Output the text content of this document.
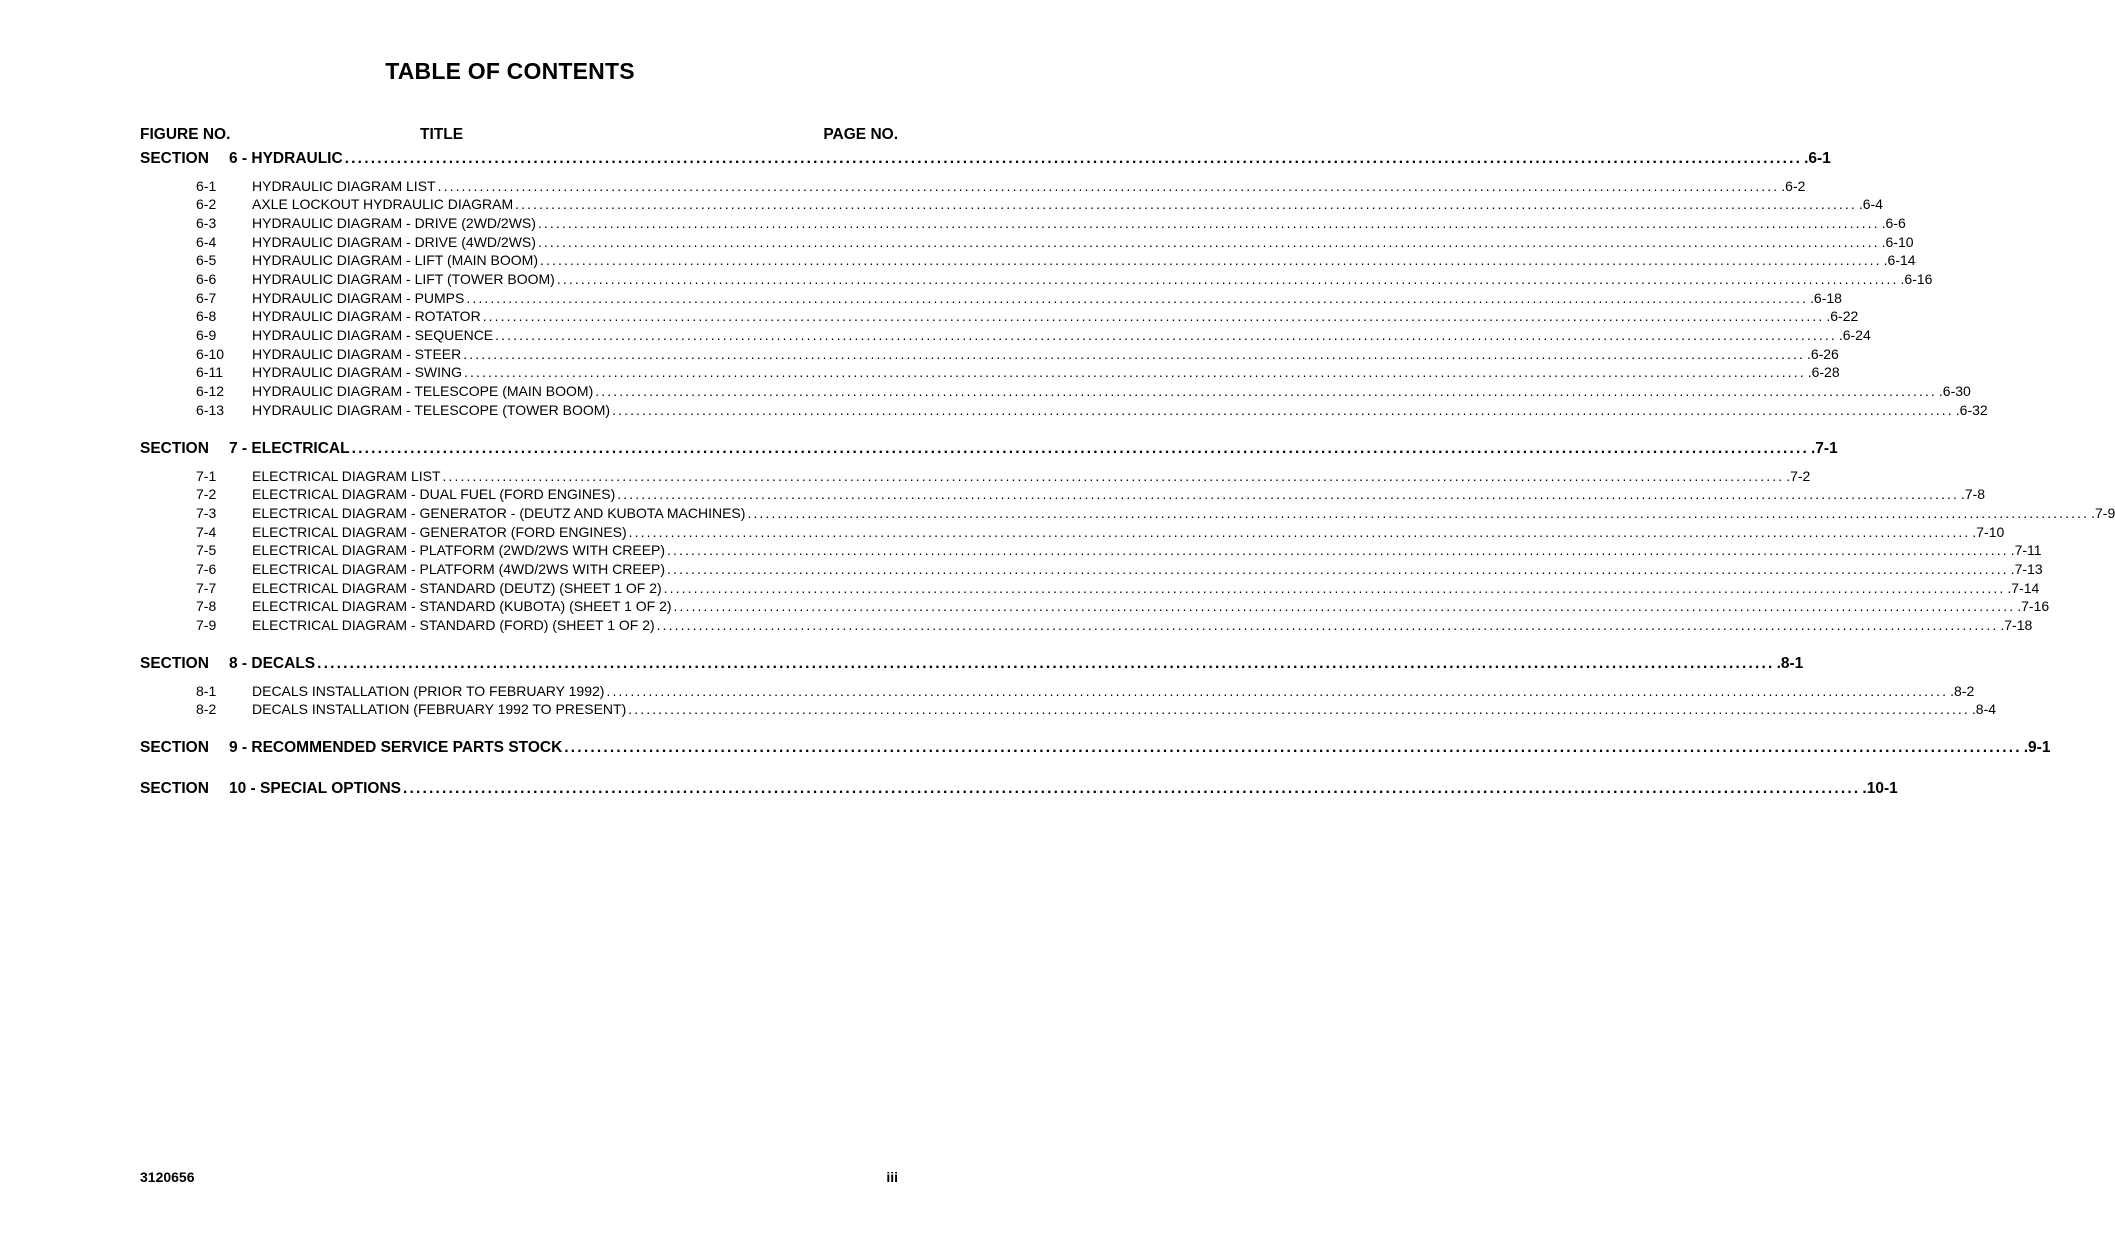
TABLE OF CONTENTS
FIGURE NO.	TITLE	PAGE NO.
SECTION	6 - HYDRAULIC ................................................................................................................................................................................................................................ .6-1
6-1	HYDRAULIC DIAGRAM LIST ................................................................................................................................................................................................................................ .6-2
6-2	AXLE LOCKOUT HYDRAULIC DIAGRAM ................................................................................................................................................................................................................................ .6-4
6-3	HYDRAULIC DIAGRAM - DRIVE (2WD/2WS) ................................................................................................................................................................................................................................ .6-6
6-4	HYDRAULIC DIAGRAM - DRIVE (4WD/2WS) ................................................................................................................................................................................................................................ .6-10
6-5	HYDRAULIC DIAGRAM - LIFT (MAIN BOOM) ................................................................................................................................................................................................................................ .6-14
6-6	HYDRAULIC DIAGRAM - LIFT (TOWER BOOM) ................................................................................................................................................................................................................................ .6-16
6-7	HYDRAULIC DIAGRAM - PUMPS ................................................................................................................................................................................................................................ .6-18
6-8	HYDRAULIC DIAGRAM - ROTATOR ................................................................................................................................................................................................................................ .6-22
6-9	HYDRAULIC DIAGRAM - SEQUENCE ................................................................................................................................................................................................................................ .6-24
6-10	HYDRAULIC DIAGRAM - STEER ................................................................................................................................................................................................................................ .6-26
6-11	HYDRAULIC DIAGRAM - SWING ................................................................................................................................................................................................................................ .6-28
6-12	HYDRAULIC DIAGRAM - TELESCOPE (MAIN BOOM) ................................................................................................................................................................................................................................ .6-30
6-13	HYDRAULIC DIAGRAM - TELESCOPE (TOWER BOOM) ................................................................................................................................................................................................................................ .6-32
SECTION	7 - ELECTRICAL ................................................................................................................................................................................................................................ .7-1
7-1	ELECTRICAL DIAGRAM LIST ................................................................................................................................................................................................................................ .7-2
7-2	ELECTRICAL DIAGRAM - DUAL FUEL (FORD ENGINES) ................................................................................................................................................................................................................................ .7-8
7-3	ELECTRICAL DIAGRAM - GENERATOR - (DEUTZ AND KUBOTA MACHINES) ................................................................................................................................................................................................................................ .7-9
7-4	ELECTRICAL DIAGRAM - GENERATOR (FORD ENGINES) ................................................................................................................................................................................................................................ .7-10
7-5	ELECTRICAL DIAGRAM - PLATFORM (2WD/2WS WITH CREEP) ................................................................................................................................................................................................................................ .7-11
7-6	ELECTRICAL DIAGRAM - PLATFORM (4WD/2WS WITH CREEP) ................................................................................................................................................................................................................................ .7-13
7-7	ELECTRICAL DIAGRAM - STANDARD (DEUTZ) (SHEET 1 OF 2) ................................................................................................................................................................................................................................ .7-14
7-8	ELECTRICAL DIAGRAM - STANDARD (KUBOTA) (SHEET 1 OF 2) ................................................................................................................................................................................................................................ .7-16
7-9	ELECTRICAL DIAGRAM - STANDARD (FORD) (SHEET 1 OF 2) ................................................................................................................................................................................................................................ .7-18
SECTION	8 - DECALS ................................................................................................................................................................................................................................ .8-1
8-1	DECALS INSTALLATION (PRIOR TO FEBRUARY 1992) ................................................................................................................................................................................................................................ .8-2
8-2	DECALS INSTALLATION (FEBRUARY 1992 TO PRESENT) ................................................................................................................................................................................................................................ .8-4
SECTION	9 - RECOMMENDED SERVICE PARTS STOCK ................................................................................................................................................................................................................................ .9-1
SECTION	10 - SPECIAL OPTIONS ................................................................................................................................................................................................................................ .10-1
3120656	iii
